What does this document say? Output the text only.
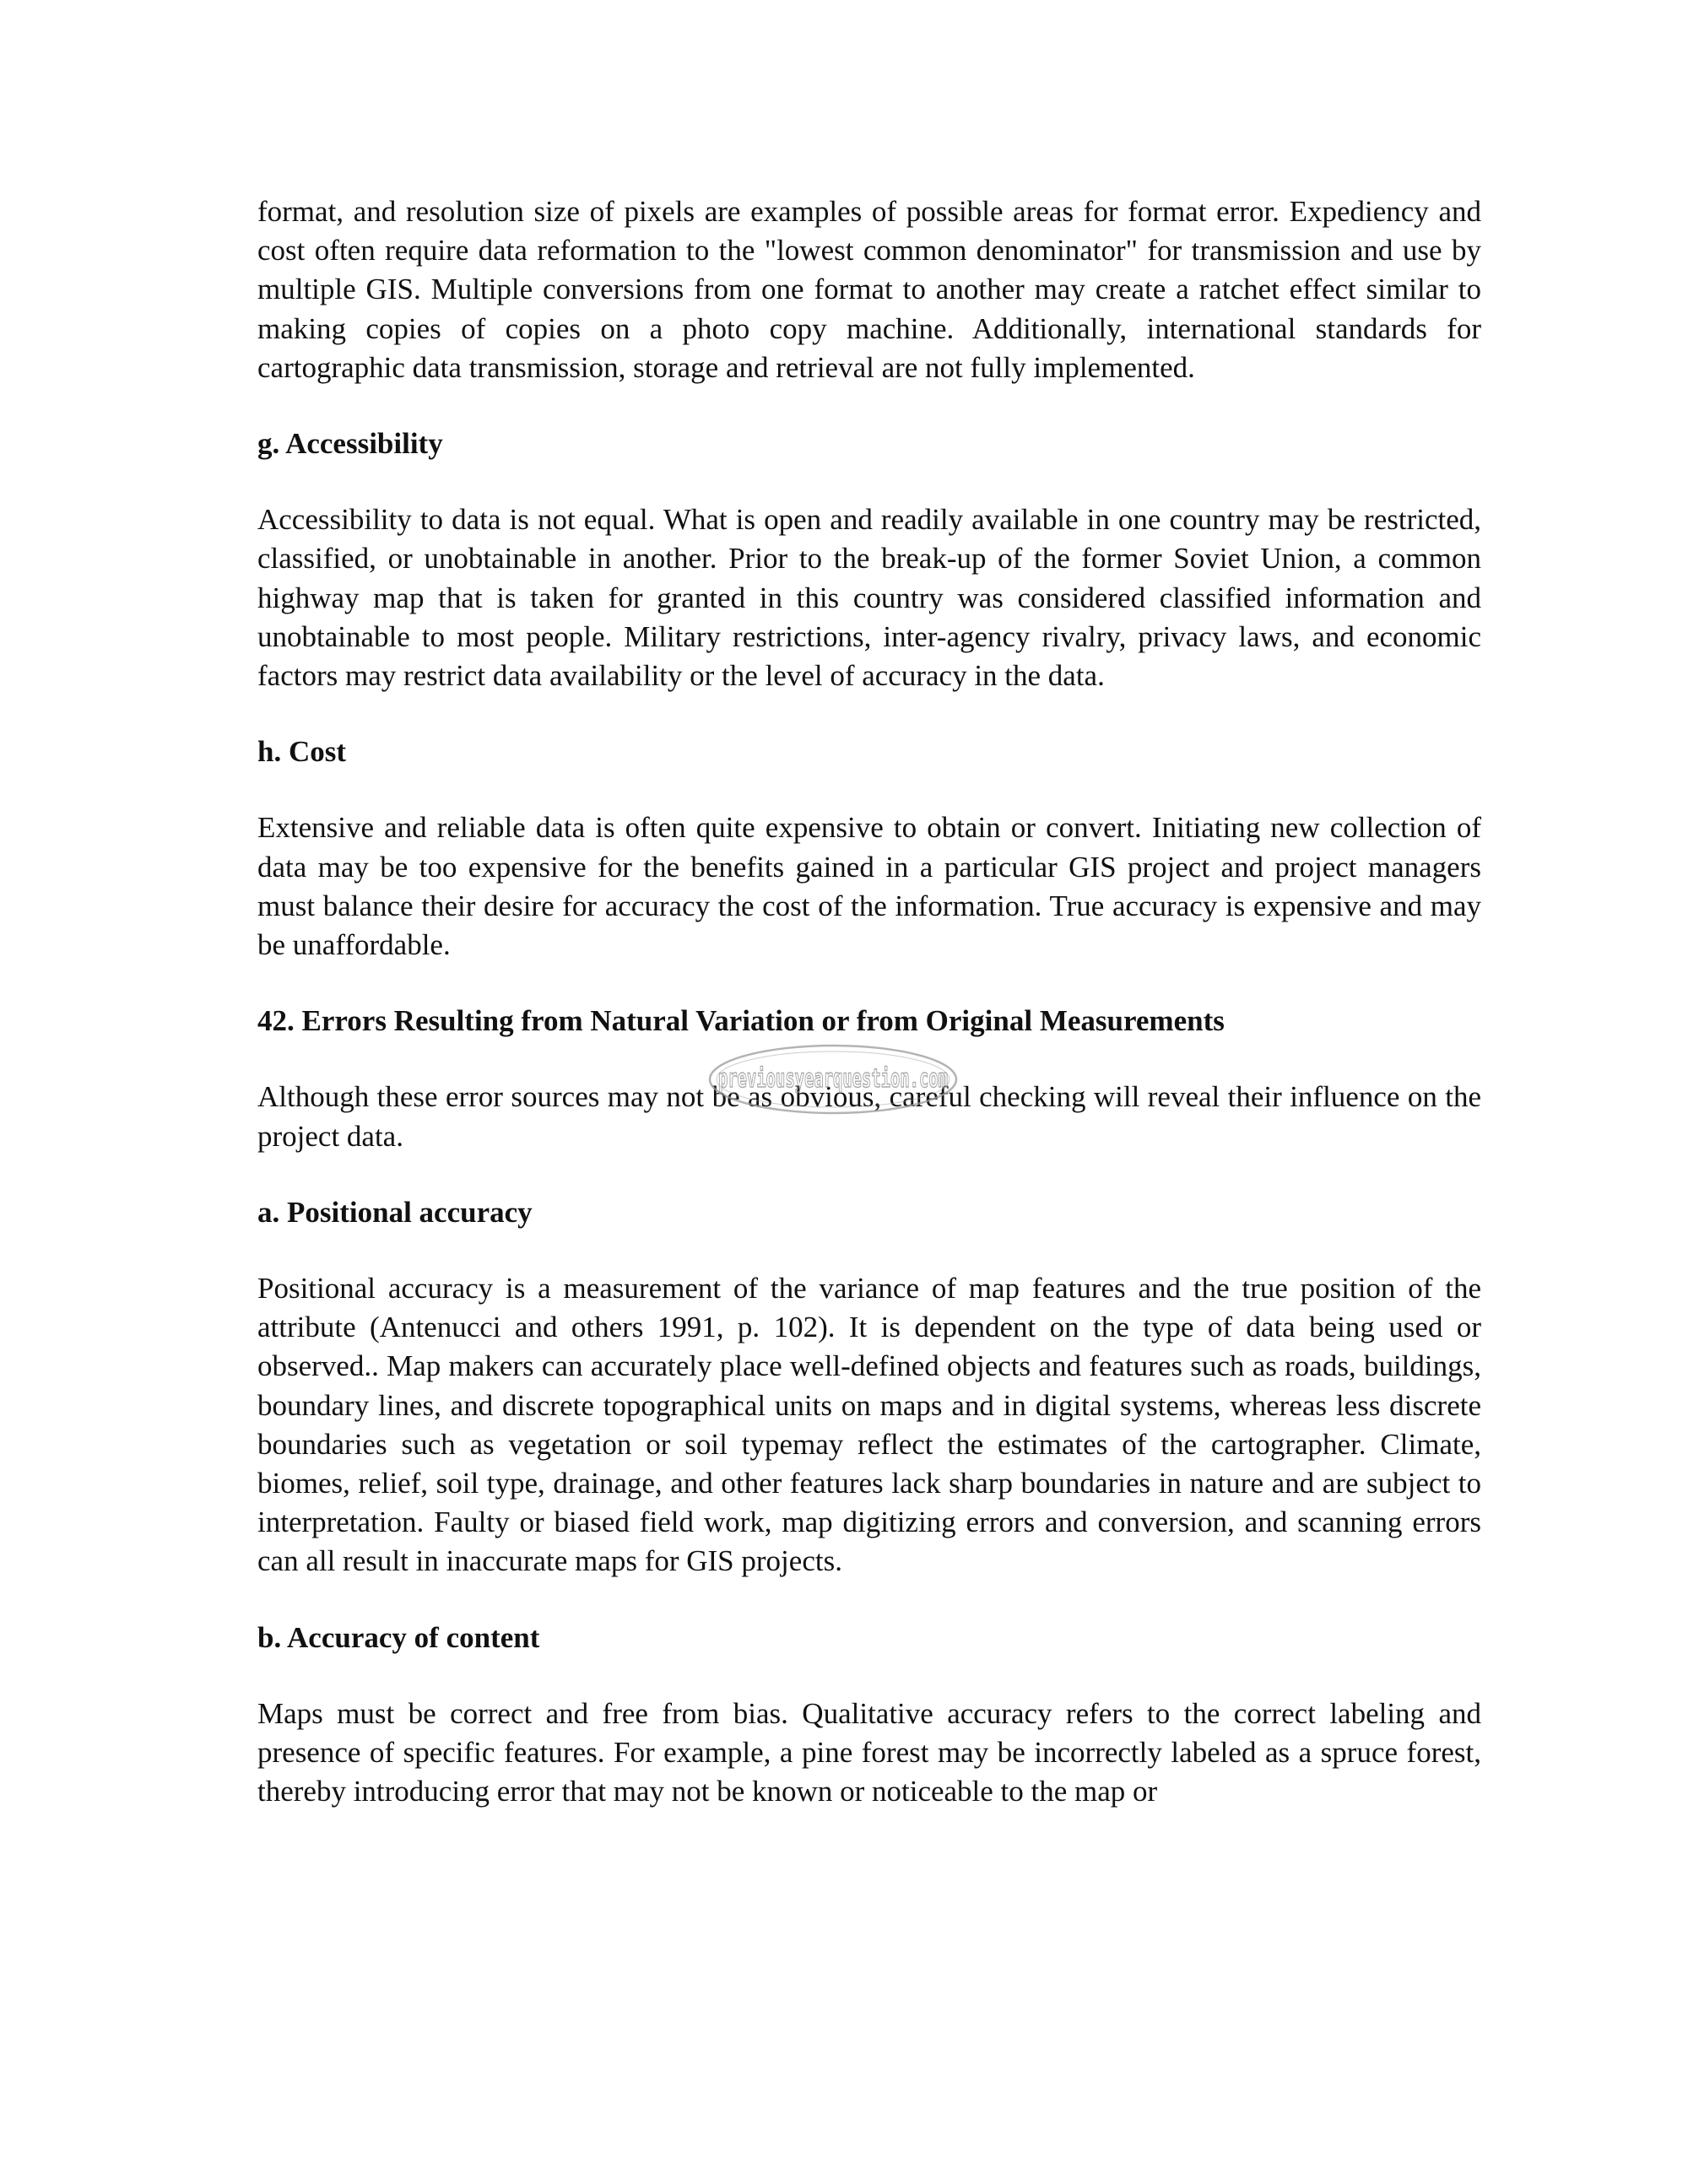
format, and resolution size of pixels are examples of possible areas for format error. Expediency and cost often require data reformation to the "lowest common denominator" for transmission and use by multiple GIS. Multiple conversions from one format to another may create a ratchet effect similar to making copies of copies on a photo copy machine. Additionally, international standards for cartographic data transmission, storage and retrieval are not fully implemented.

g. Accessibility

Accessibility to data is not equal. What is open and readily available in one country may be restricted, classified, or unobtainable in another. Prior to the break-up of the former Soviet Union, a common highway map that is taken for granted in this country was considered classified information and unobtainable to most people. Military restrictions, inter-agency rivalry, privacy laws, and economic factors may restrict data availability or the level of accuracy in the data.

h. Cost

Extensive and reliable data is often quite expensive to obtain or convert. Initiating new collection of data may be too expensive for the benefits gained in a particular GIS project and project managers must balance their desire for accuracy the cost of the information. True accuracy is expensive and may be unaffordable.

42. Errors Resulting from Natural Variation or from Original Measurements

Although these error sources may not be as obvious, careful checking will reveal their influence on the project data.

a. Positional accuracy

Positional accuracy is a measurement of the variance of map features and the true position of the attribute (Antenucci and others 1991, p. 102). It is dependent on the type of data being used or observed.. Map makers can accurately place well-defined objects and features such as roads, buildings, boundary lines, and discrete topographical units on maps and in digital systems, whereas less discrete boundaries such as vegetation or soil typemay reflect the estimates of the cartographer. Climate, biomes, relief, soil type, drainage, and other features lack sharp boundaries in nature and are subject to interpretation. Faulty or biased field work, map digitizing errors and conversion, and scanning errors can all result in inaccurate maps for GIS projects.

b. Accuracy of content

Maps must be correct and free from bias. Qualitative accuracy refers to the correct labeling and presence of specific features. For example, a pine forest may be incorrectly labeled as a spruce forest, thereby introducing error that may not be known or noticeable to the map or

previousyearquestion.com
